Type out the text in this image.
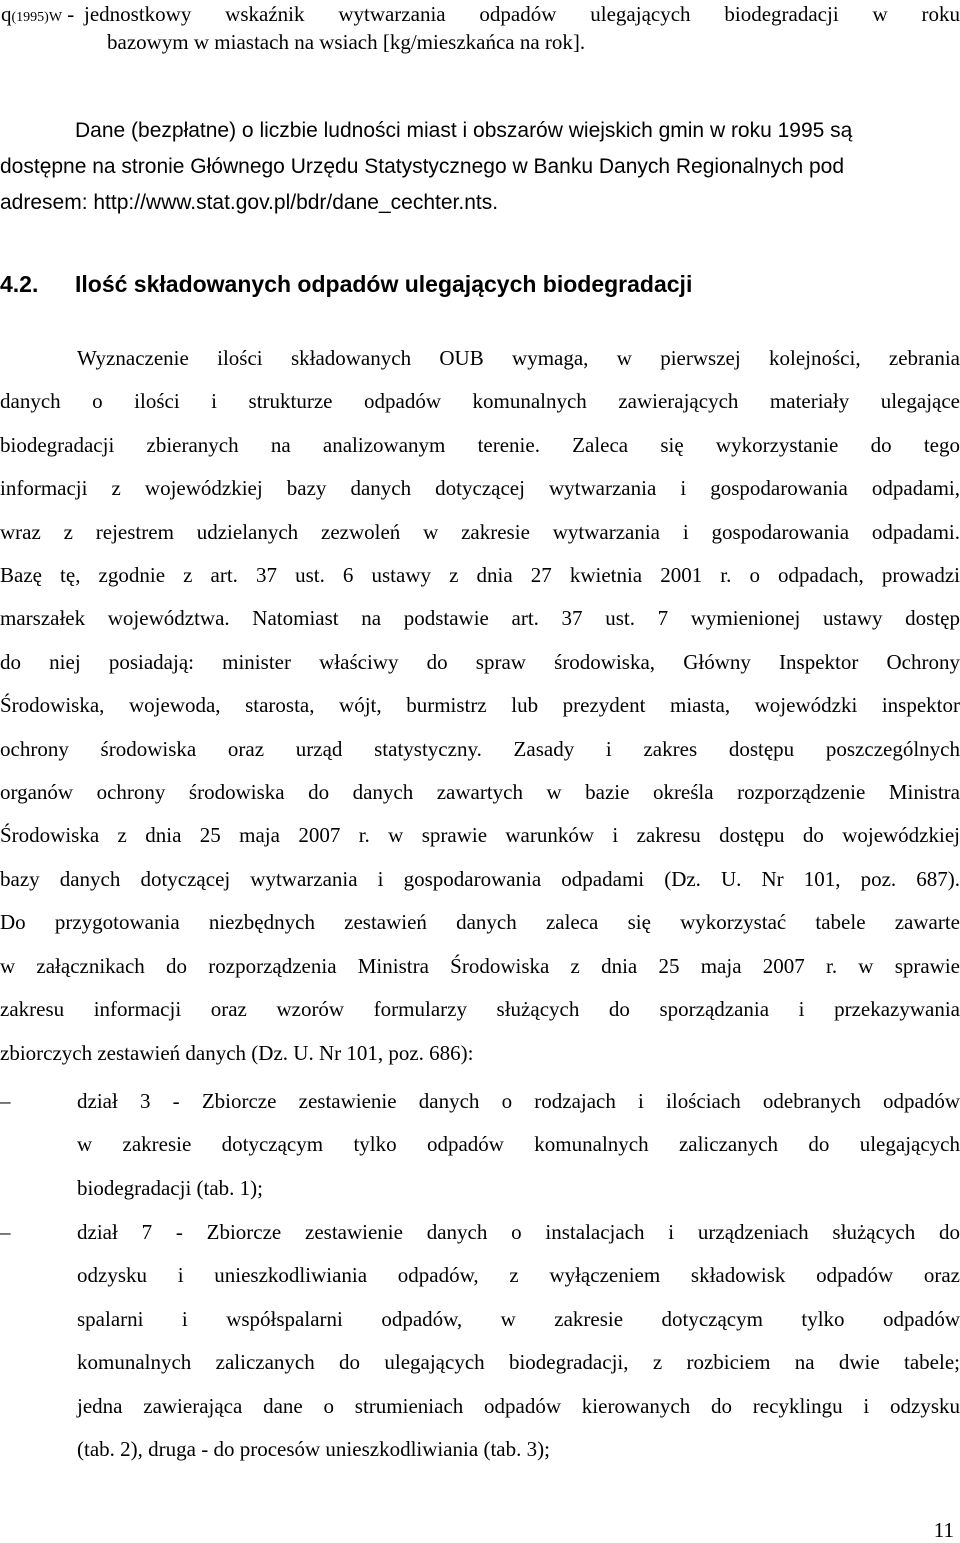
q(1995)W - jednostkowy wskaźnik wytwarzania odpadów ulegających biodegradacji w roku
bazowym w miastach na wsiach [kg/mieszkańca na rok].
Dane (bezpłatne) o liczbie ludności miast i obszarów wiejskich gmin w roku 1995 są
dostępne na stronie Głównego Urzędu Statystycznego w Banku Danych Regionalnych pod
adresem: http://www.stat.gov.pl/bdr/dane_cechter.nts.
4.2. Ilość składowanych odpadów ulegających biodegradacji
Wyznaczenie ilości składowanych OUB wymaga, w pierwszej kolejności, zebrania
danych o ilości i strukturze odpadów komunalnych zawierających materiały ulegające
biodegradacji zbieranych na analizowanym terenie. Zaleca się wykorzystanie do tego
informacji z wojewódzkiej bazy danych dotyczącej wytwarzania i gospodarowania odpadami,
wraz z rejestrem udzielanych zezwoleń w zakresie wytwarzania i gospodarowania odpadami.
Bazę tę, zgodnie z art. 37 ust. 6 ustawy z dnia 27 kwietnia 2001 r. o odpadach, prowadzi
marszałek województwa. Natomiast na podstawie art. 37 ust. 7 wymienionej ustawy dostęp
do niej posiadają: minister właściwy do spraw środowiska, Główny Inspektor Ochrony
Środowiska, wojewoda, starosta, wójt, burmistrz lub prezydent miasta, wojewódzki inspektor
ochrony środowiska oraz urząd statystyczny. Zasady i zakres dostępu poszczególnych
organów ochrony środowiska do danych zawartych w bazie określa rozporządzenie Ministra
Środowiska z dnia 25 maja 2007 r. w sprawie warunków i zakresu dostępu do wojewódzkiej
bazy danych dotyczącej wytwarzania i gospodarowania odpadami (Dz. U. Nr 101, poz. 687).
Do przygotowania niezbędnych zestawień danych zaleca się wykorzystać tabele zawarte
w załącznikach do rozporządzenia Ministra Środowiska z dnia 25 maja 2007 r. w sprawie
zakresu informacji oraz wzorów formularzy służących do sporządzania i przekazywania
zbiorczych zestawień danych (Dz. U. Nr 101, poz. 686):
–	dział 3 - Zbiorcze zestawienie danych o rodzajach i ilościach odebranych odpadów
w zakresie dotyczącym tylko odpadów komunalnych zaliczanych do ulegających
biodegradacji (tab. 1);
–	dział 7 - Zbiorcze zestawienie danych o instalacjach i urządzeniach służących do
odzysku i unieszkodliwiania odpadów, z wyłączeniem składowisk odpadów oraz
spalarni i współspalarni odpadów, w zakresie dotyczącym tylko odpadów
komunalnych zaliczanych do ulegających biodegradacji, z rozbiciem na dwie tabele;
jedna zawierająca dane o strumieniach odpadów kierowanych do recyklingu i odzysku
(tab. 2), druga - do procesów unieszkodliwiania (tab. 3);
11
